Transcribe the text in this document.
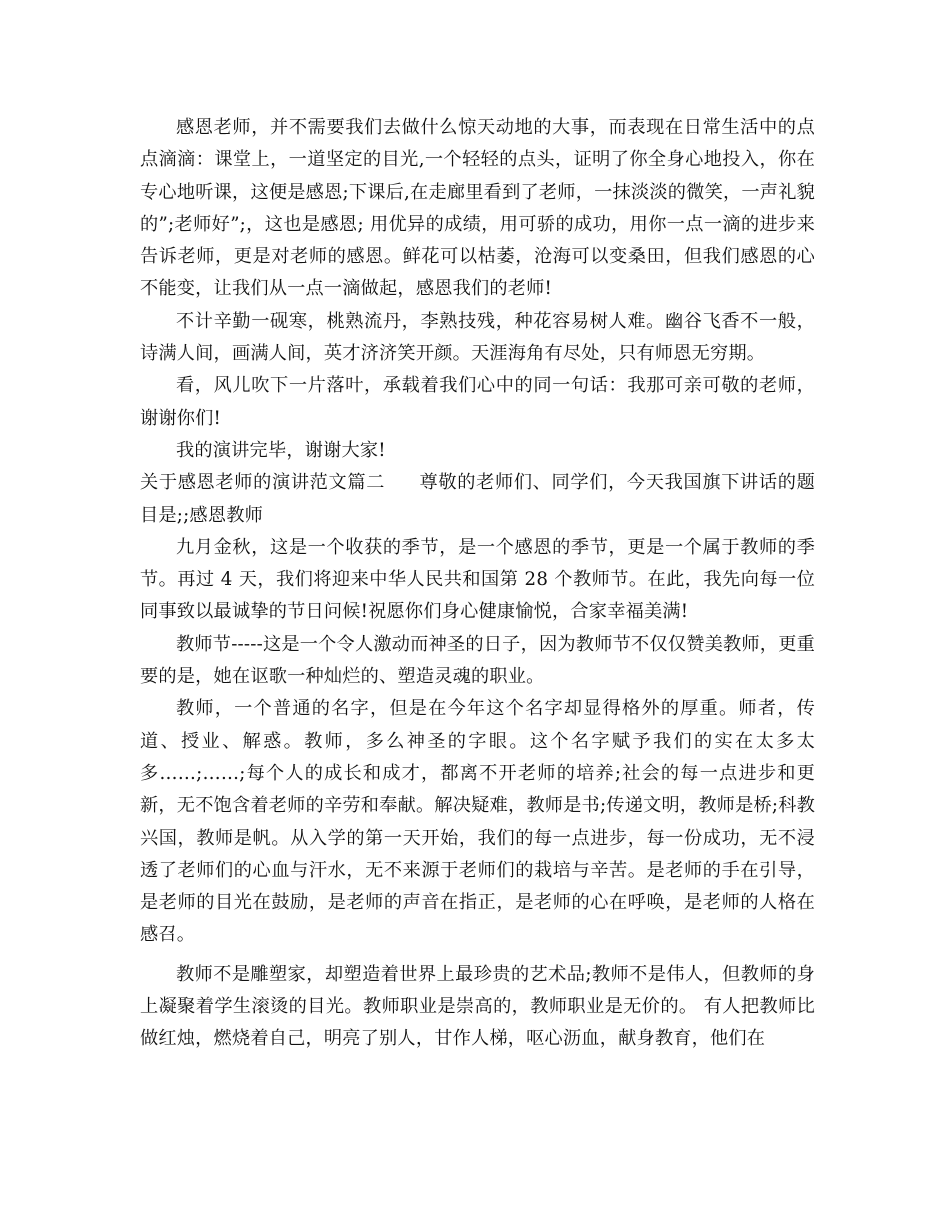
感恩老师，并不需要我们去做什么惊天动地的大事，而表现在日常生活中的点点滴滴：课堂上，一道坚定的目光,一个轻轻的点头，证明了你全身心地投入，你在专心地听课，这便是感恩;下课后,在走廊里看到了老师，一抹淡淡的微笑，一声礼貌的”;老师好”;，这也是感恩; 用优异的成绩，用可骄的成功，用你一点一滴的进步来告诉老师，更是对老师的感恩。鲜花可以枯萎，沧海可以变桑田，但我们感恩的心不能变，让我们从一点一滴做起，感恩我们的老师!

不计辛勤一砚寒，桃熟流丹，李熟技残，种花容易树人难。幽谷飞香不一般，诗满人间，画满人间，英才济济笑开颜。天涯海角有尽处，只有师恩无穷期。

看，风儿吹下一片落叶，承载着我们心中的同一句话：我那可亲可敬的老师，谢谢你们!

我的演讲完毕，谢谢大家!

关于感恩老师的演讲范文篇二 尊敬的老师们、同学们，今天我国旗下讲话的题目是;;感恩教师

九月金秋，这是一个收获的季节，是一个感恩的季节，更是一个属于教师的季节。再过 4 天，我们将迎来中华人民共和国第 28 个教师节。在此，我先向每一位同事致以最诚挚的节日问候!祝愿你们身心健康愉悦，合家幸福美满!

教师节-----这是一个令人激动而神圣的日子，因为教师节不仅仅赞美教师，更重要的是，她在讴歌一种灿烂的、塑造灵魂的职业。

教师，一个普通的名字，但是在今年这个名字却显得格外的厚重。师者，传道、授业、解惑。教师，多么神圣的字眼。这个名字赋予我们的实在太多太多……;……;每个人的成长和成才，都离不开老师的培养;社会的每一点进步和更新，无不饱含着老师的辛劳和奉献。解决疑难，教师是书;传递文明，教师是桥;科教兴国，教师是帆。从入学的第一天开始，我们的每一点进步，每一份成功，无不浸透了老师们的心血与汗水，无不来源于老师们的栽培与辛苦。是老师的手在引导，是老师的目光在鼓励，是老师的声音在指正，是老师的心在呼唤，是老师的人格在感召。

教师不是雕塑家，却塑造着世界上最珍贵的艺术品;教师不是伟人，但教师的身上凝聚着学生滚烫的目光。教师职业是崇高的，教师职业是无价的。 有人把教师比做红烛，燃烧着自己，明亮了别人，甘作人梯，呕心沥血，献身教育，他们在
